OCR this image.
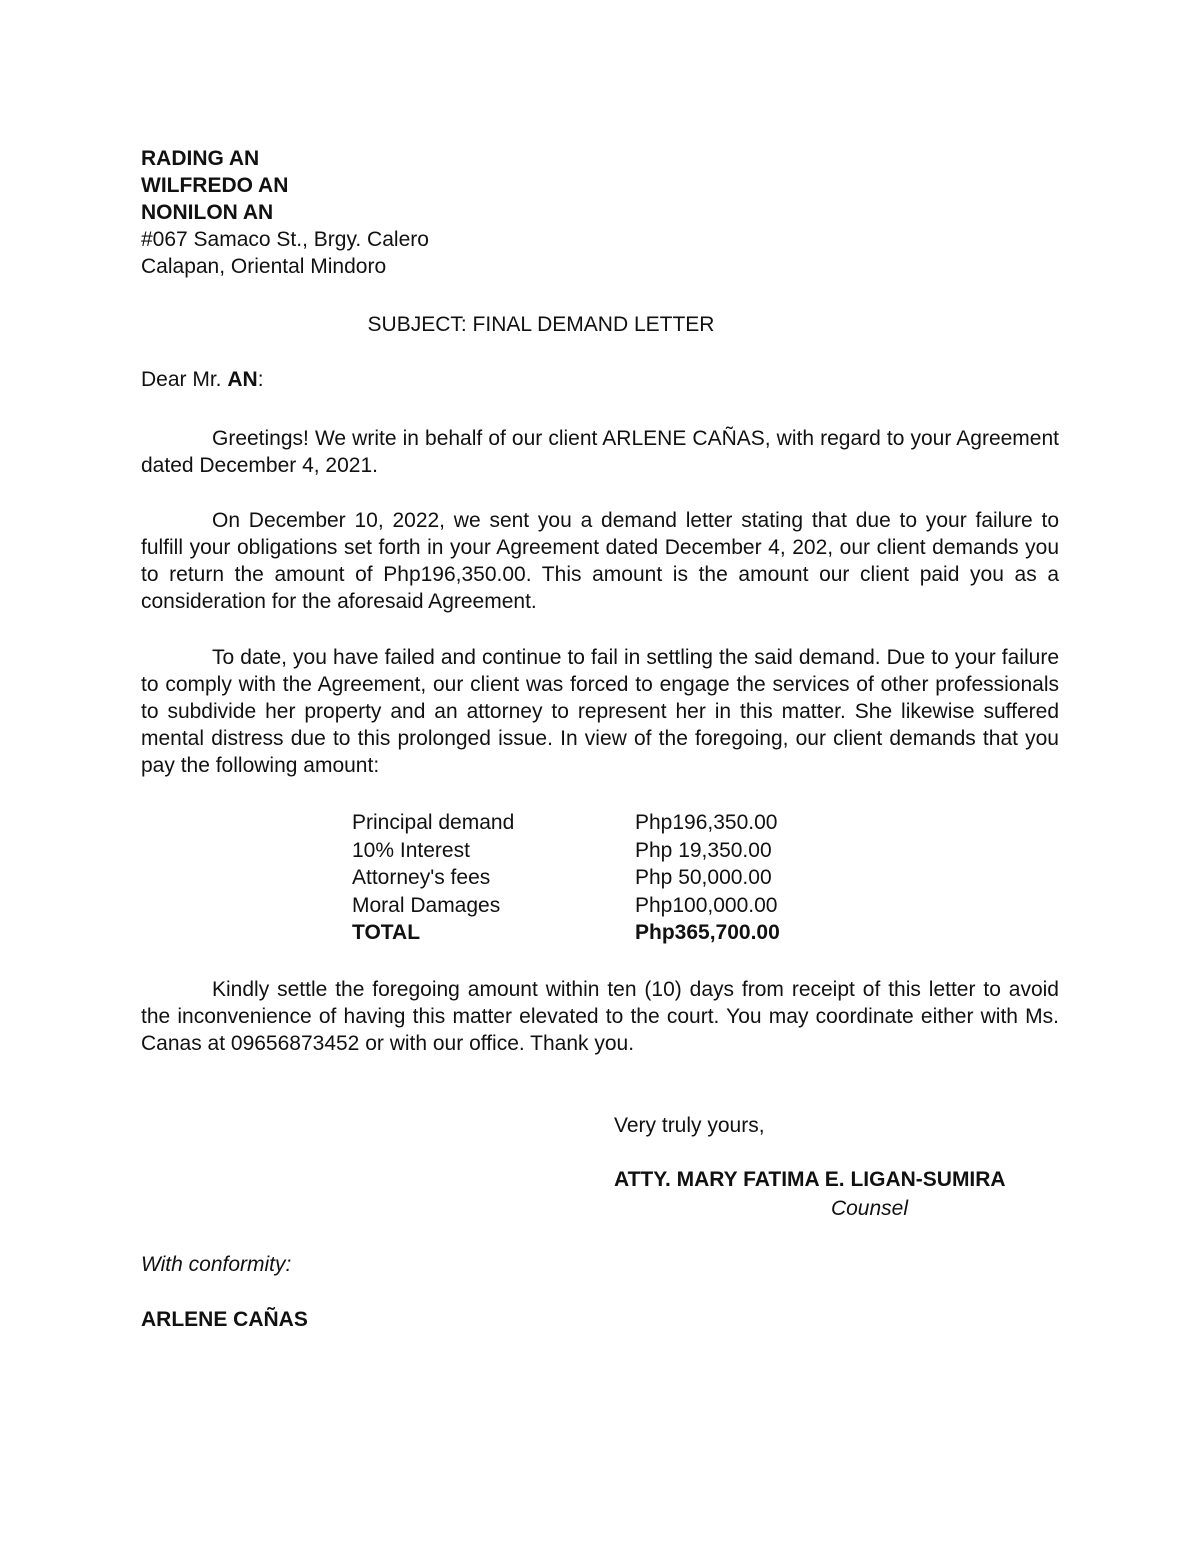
RADING AN
WILFREDO AN
NONILON AN
#067 Samaco St., Brgy. Calero
Calapan, Oriental Mindoro
SUBJECT: FINAL DEMAND LETTER
Dear Mr. AN:

Greetings! We write in behalf of our client ARLENE CAÑAS, with regard to your Agreement dated December 4, 2021.

On December 10, 2022, we sent you a demand letter stating that due to your failure to fulfill your obligations set forth in your Agreement dated December 4, 202, our client demands you to return the amount of Php196,350.00. This amount is the amount our client paid you as a consideration for the aforesaid Agreement.

To date, you have failed and continue to fail in settling the said demand. Due to your failure to comply with the Agreement, our client was forced to engage the services of other professionals to subdivide her property and an attorney to represent her in this matter. She likewise suffered mental distress due to this prolonged issue. In view of the foregoing, our client demands that you pay the following amount:

Principal demand	Php196,350.00
10% Interest	Php 19,350.00
Attorney's fees	Php 50,000.00
Moral Damages	Php100,000.00
TOTAL	Php365,700.00

Kindly settle the foregoing amount within ten (10) days from receipt of this letter to avoid the inconvenience of having this matter elevated to the court. You may coordinate either with Ms. Canas at 09656873452 or with our office. Thank you.

Very truly yours,
ATTY. MARY FATIMA E. LIGAN-SUMIRA
Counsel
With conformity:
ARLENE CAÑAS
